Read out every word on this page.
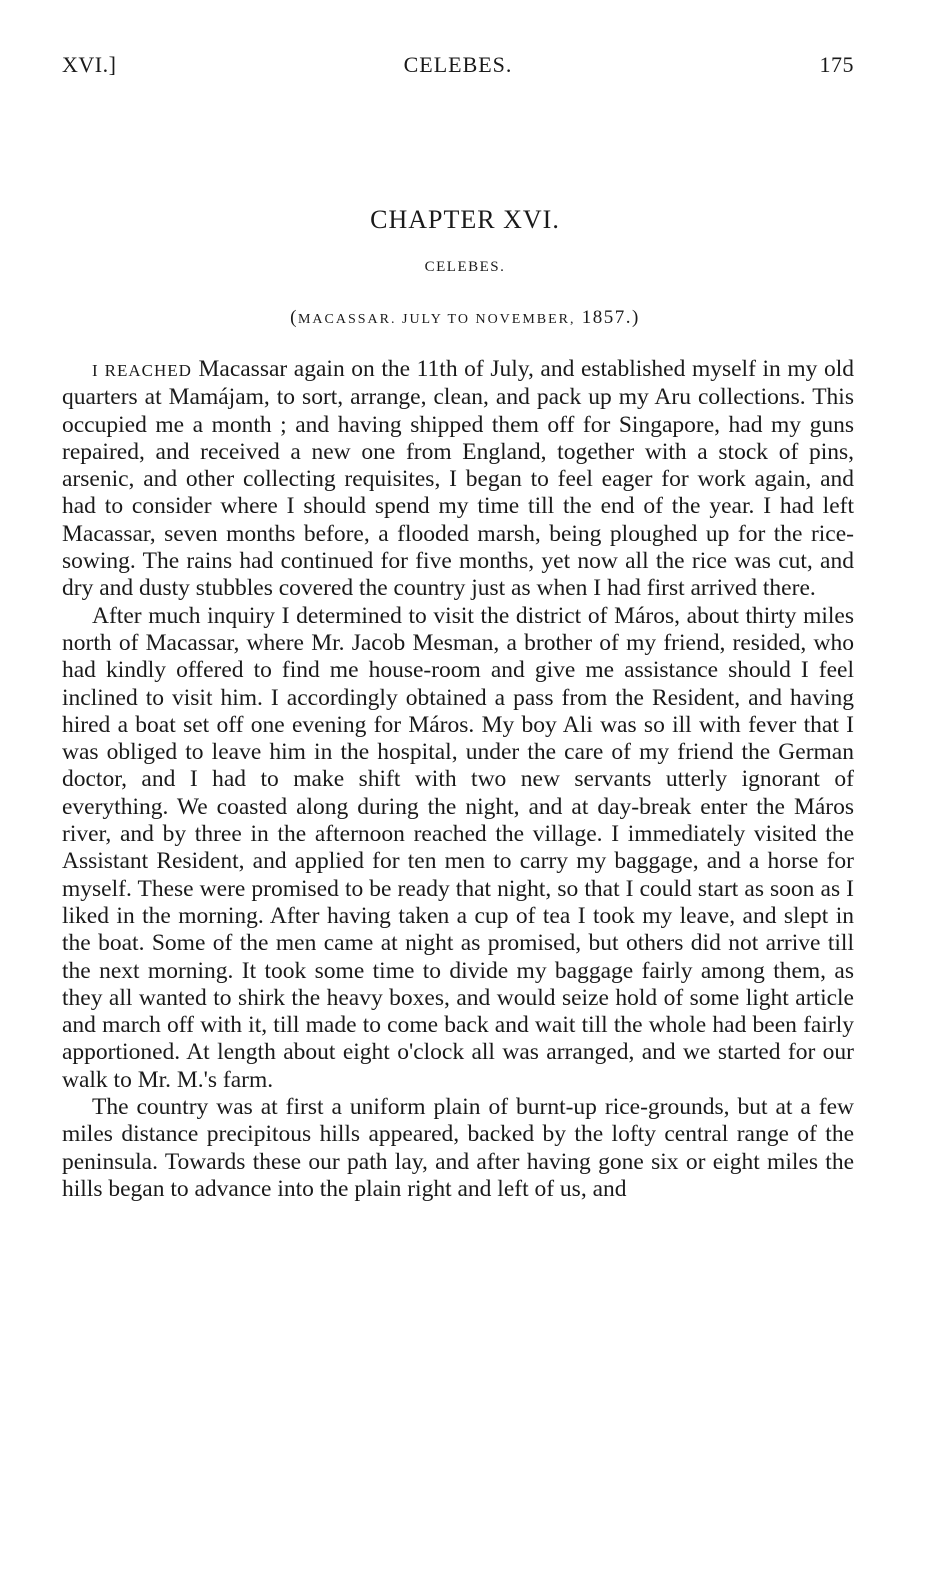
XVI.]	CELEBES.	175
CHAPTER XVI.
CELEBES.
(MACASSAR. JULY TO NOVEMBER, 1857.)

I REACHED Macassar again on the 11th of July, and established myself in my old quarters at Mamájam, to sort, arrange, clean, and pack up my Aru collections. This occupied me a month ; and having shipped them off for Singapore, had my guns repaired, and received a new one from England, together with a stock of pins, arsenic, and other collecting requisites, I began to feel eager for work again, and had to consider where I should spend my time till the end of the year. I had left Macassar, seven months before, a flooded marsh, being ploughed up for the rice-sowing. The rains had continued for five months, yet now all the rice was cut, and dry and dusty stubbles covered the country just as when I had first arrived there.

After much inquiry I determined to visit the district of Máros, about thirty miles north of Macassar, where Mr. Jacob Mesman, a brother of my friend, resided, who had kindly offered to find me house-room and give me assistance should I feel inclined to visit him. I accordingly obtained a pass from the Resident, and having hired a boat set off one evening for Máros. My boy Ali was so ill with fever that I was obliged to leave him in the hospital, under the care of my friend the German doctor, and I had to make shift with two new servants utterly ignorant of everything. We coasted along during the night, and at day-break enter the Máros river, and by three in the afternoon reached the village. I immediately visited the Assistant Resident, and applied for ten men to carry my baggage, and a horse for myself. These were promised to be ready that night, so that I could start as soon as I liked in the morning. After having taken a cup of tea I took my leave, and slept in the boat. Some of the men came at night as promised, but others did not arrive till the next morning. It took some time to divide my baggage fairly among them, as they all wanted to shirk the heavy boxes, and would seize hold of some light article and march off with it, till made to come back and wait till the whole had been fairly apportioned. At length about eight o'clock all was arranged, and we started for our walk to Mr. M.'s farm.

The country was at first a uniform plain of burnt-up rice-grounds, but at a few miles distance precipitous hills appeared, backed by the lofty central range of the peninsula. Towards these our path lay, and after having gone six or eight miles the hills began to advance into the plain right and left of us, and
